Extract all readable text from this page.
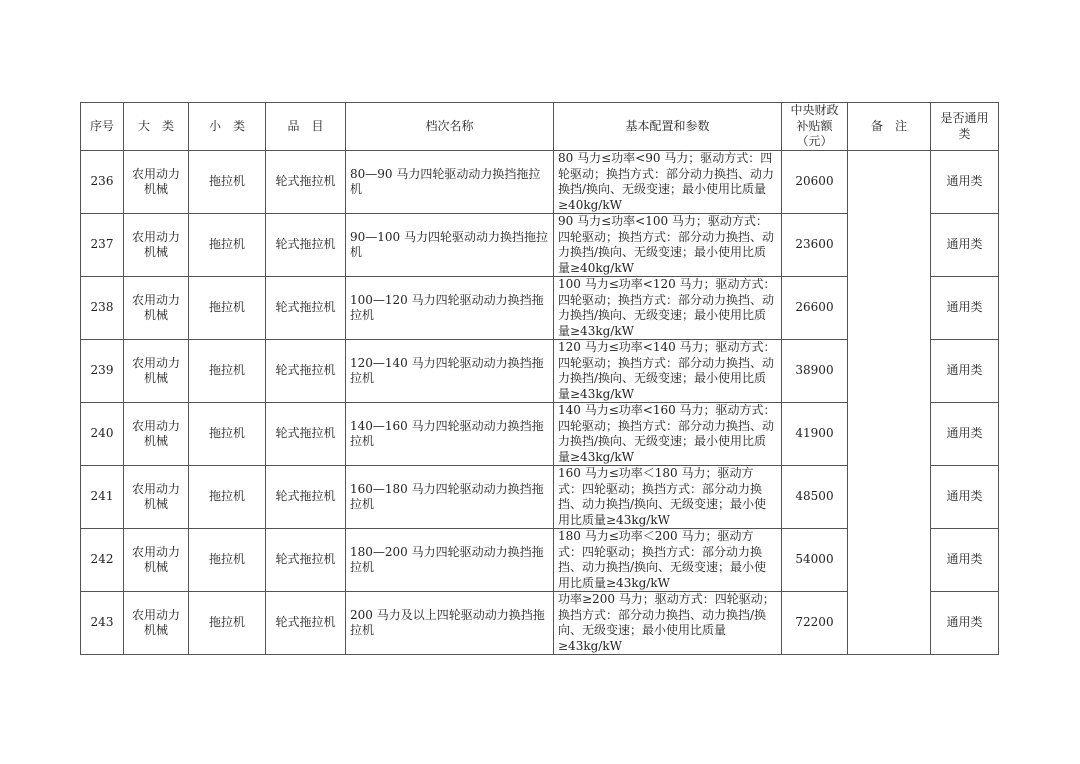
序号	大　类	小　类	品　目	档次名称	基本配置和参数	中央财政补贴额（元）	备　注	是否通用类
236	农用动力机械	拖拉机	轮式拖拉机	80—90 马力四轮驱动动力换挡拖拉机	80 马力≤功率<90 马力；驱动方式：四轮驱动；换挡方式：部分动力换挡、动力换挡/换向、无级变速；最小使用比质量≥40kg/kW	20600		通用类
237	农用动力机械	拖拉机	轮式拖拉机	90—100 马力四轮驱动动力换挡拖拉机	90 马力≤功率<100 马力；驱动方式：四轮驱动；换挡方式：部分动力换挡、动力换挡/换向、无级变速；最小使用比质量≥40kg/kW	23600		通用类
238	农用动力机械	拖拉机	轮式拖拉机	100—120 马力四轮驱动动力换挡拖拉机	100 马力≤功率<120 马力；驱动方式：四轮驱动；换挡方式：部分动力换挡、动力换挡/换向、无级变速；最小使用比质量≥43kg/kW	26600		通用类
239	农用动力机械	拖拉机	轮式拖拉机	120—140 马力四轮驱动动力换挡拖拉机	120 马力≤功率<140 马力；驱动方式：四轮驱动；换挡方式：部分动力换挡、动力换挡/换向、无级变速；最小使用比质量≥43kg/kW	38900		通用类
240	农用动力机械	拖拉机	轮式拖拉机	140—160 马力四轮驱动动力换挡拖拉机	140 马力≤功率<160 马力；驱动方式：四轮驱动；换挡方式：部分动力换挡、动力换挡/换向、无级变速；最小使用比质量≥43kg/kW	41900		通用类
241	农用动力机械	拖拉机	轮式拖拉机	160—180 马力四轮驱动动力换挡拖拉机	160 马力≤功率＜180 马力；驱动方式：四轮驱动；换挡方式：部分动力换挡、动力换挡/换向、无级变速；最小使用比质量≥43kg/kW	48500		通用类
242	农用动力机械	拖拉机	轮式拖拉机	180—200 马力四轮驱动动力换挡拖拉机	180 马力≤功率＜200 马力；驱动方式：四轮驱动；换挡方式：部分动力换挡、动力换挡/换向、无级变速；最小使用比质量≥43kg/kW	54000		通用类
243	农用动力机械	拖拉机	轮式拖拉机	200 马力及以上四轮驱动动力换挡拖拉机	功率≥200 马力；驱动方式：四轮驱动；换挡方式：部分动力换挡、动力换挡/换向、无级变速；最小使用比质量≥43kg/kW	72200		通用类
